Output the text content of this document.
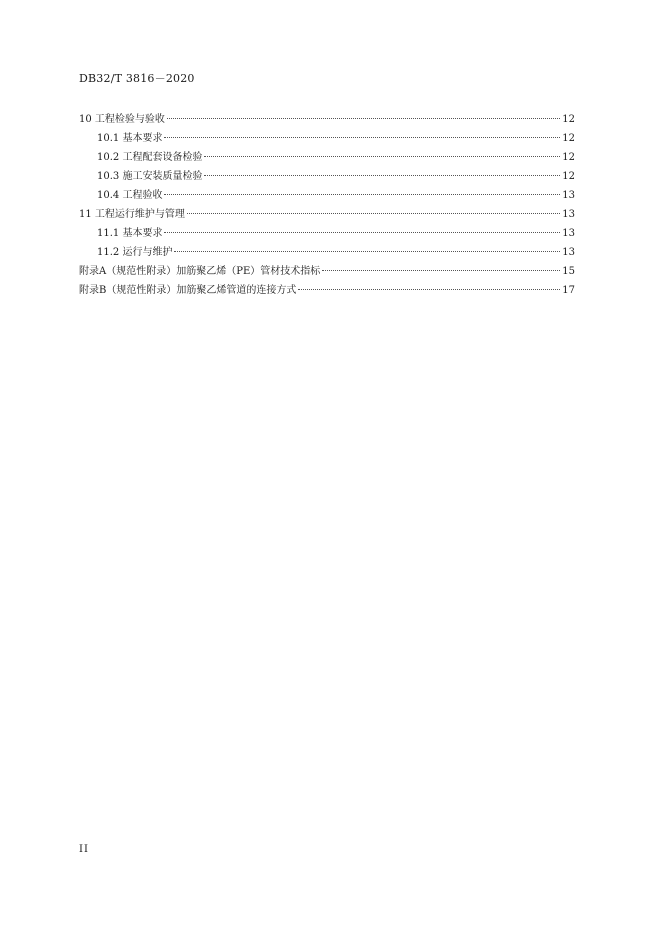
DB32/T 3816－2020
10 工程检验与验收	12
10.1 基本要求	12
10.2 工程配套设备检验	12
10.3 施工安装质量检验	12
10.4 工程验收	13
11 工程运行维护与管理	13
11.1 基本要求	13
11.2 运行与维护	13
附录A（规范性附录）加筋聚乙烯（PE）管材技术指标	15
附录B（规范性附录）加筋聚乙烯管道的连接方式	17
II
